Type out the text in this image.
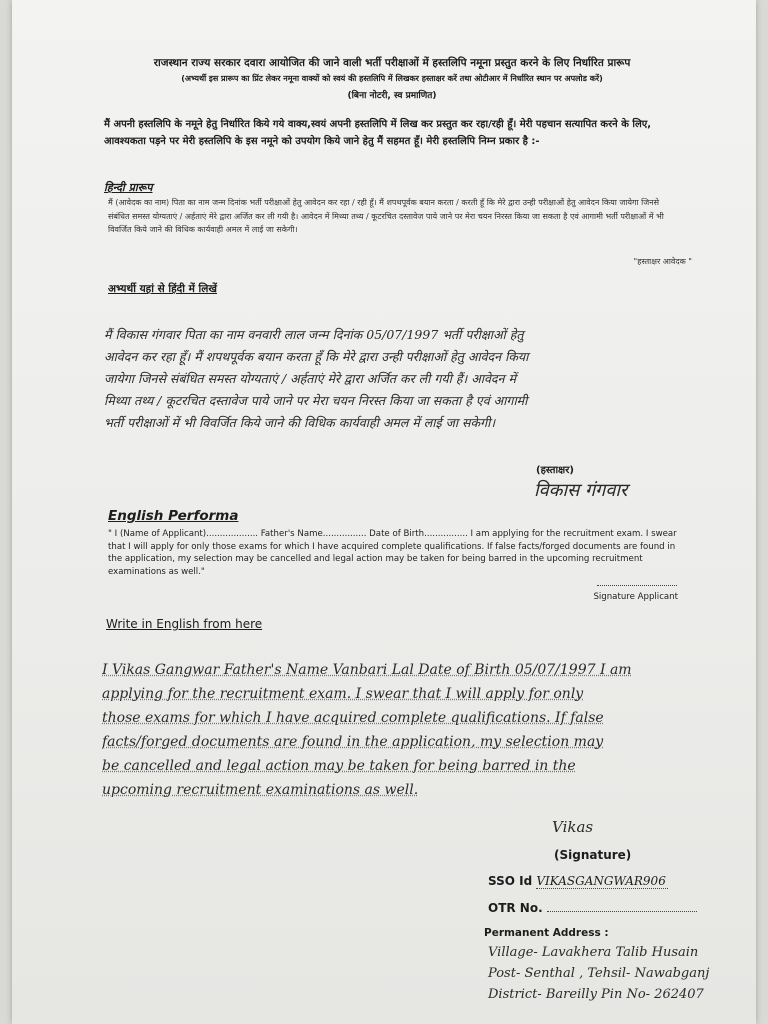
राजस्थान राज्य सरकार दवारा आयोजित की जाने वाली भर्ती परीक्षाओं में हस्तलिपि नमूना प्रस्तुत करने के लिए निर्धारित प्रारूप
(अभ्यर्थी इस प्रारूप का प्रिंट लेकर नमूना वाक्यों को स्वयं की हस्तलिपि में लिखकर हस्ताक्षर करें तथा ओटीआर में निर्धारित स्थान पर अपलोड करें)
(बिना नोटरी, स्व प्रमाणित)
मैं अपनी हस्तलिपि के नमूने हेतु निर्धारित किये गये वाक्य,स्वयं अपनी हस्तलिपि में लिख कर प्रस्तुत कर रहा/रही हूँ। मेरी पहचान सत्यापित करने के लिए, आवश्यकता पड़ने पर मेरी हस्तलिपि के इस नमूने को उपयोग किये जाने हेतु मैं सहमत हूँ। मेरी हस्तलिपि निम्न प्रकार है :-
हिन्दी प्रारूप
मैं (आवेदक का नाम) पिता का नाम जन्म दिनांक भर्ती परीक्षाओं हेतु आवेदन कर रहा / रही हूँ। मैं शपथपूर्वक बयान करता / करती हूँ कि मेरे द्वारा उन्ही परीक्षाओं हेतु आवेदन किया जायेगा जिनसे संबंधित समस्त योग्यताएं / अर्हताएं मेरे द्वारा अर्जित कर ली गयी है। आवेदन में मिथ्या तथ्य / कूटरचित दस्तावेज पाये जाने पर मेरा चयन निरस्त किया जा सकता है एवं आगामी भर्ती परीक्षाओं में भी विवर्जित किये जाने की विधिक कार्यवाही अमल में लाई जा सकेगी।
"हस्ताक्षर आवेदक "
अभ्यर्थी यहां से हिंदी में लिखें
मैं विकास गंगवार पिता का नाम वनवारी लाल जन्म दिनांक 05/07/1997 भर्ती परीक्षाओं हेतु
आवेदन कर रहा हूँ। मैं शपथपूर्वक बयान करता हूँ कि मेरे द्वारा उन्ही परीक्षाओं हेतु आवेदन किया
जायेगा जिनसे संबंधित समस्त योग्यताएं / अर्हताएं मेरे द्वारा अर्जित कर ली गयी हैं। आवेदन में
मिथ्या तथ्य / कूटरचित दस्तावेज पाये जाने पर मेरा चयन निरस्त किया जा सकता है एवं आगामी
भर्ती परीक्षाओं में भी विवर्जित किये जाने की विधिक कार्यवाही अमल में लाई जा सकेगी।
(हस्ताक्षर)
विकास गंगवार
English Performa
" I (Name of Applicant)................... Father's Name................ Date of Birth................ I am applying for the recruitment exam. I swear that I will apply for only those exams for which I have acquired complete qualifications. If false facts/forged documents are found in the application, my selection may be cancelled and legal action may be taken for being barred in the upcoming recruitment examinations as well."
Signature Applicant
Write in English from here
I Vikas Gangwar Father's Name Vanbari Lal Date of Birth 05/07/1997 I am
applying for the recruitment exam. I swear that I will apply for only
those exams for which I have acquired complete qualifications. If false
facts/forged documents are found in the application, my selection may
be cancelled and legal action may be taken for being barred in the
upcoming recruitment examinations as well.
Vikas
(Signature)
SSO Id VIKASGANGWAR906
OTR No.
Permanent Address :
Village- Lavakhera Talib Husain
Post- Senthal , Tehsil- Nawabganj
District- Bareilly Pin No- 262407
